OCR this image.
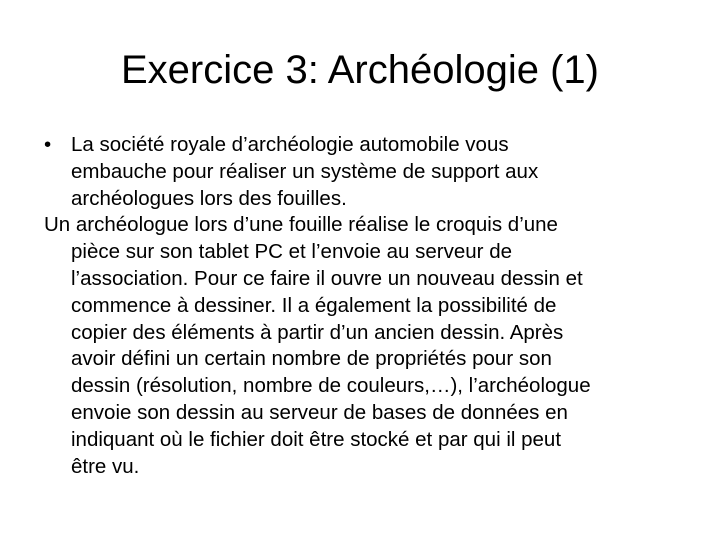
Exercice 3: Archéologie (1)
• La société royale d’archéologie automobile vous
embauche pour réaliser un système de support aux
archéologues lors des fouilles.
Un archéologue lors d’une fouille réalise le croquis d’une
pièce sur son tablet PC et l’envoie au serveur de
l’association. Pour ce faire il ouvre un nouveau dessin et
commence à dessiner. Il a également la possibilité de
copier des éléments à partir d’un ancien dessin. Après
avoir défini un certain nombre de propriétés pour son
dessin (résolution, nombre de couleurs,…), l’archéologue
envoie son dessin au serveur de bases de données en
indiquant où le fichier doit être stocké et par qui il peut
être vu.
